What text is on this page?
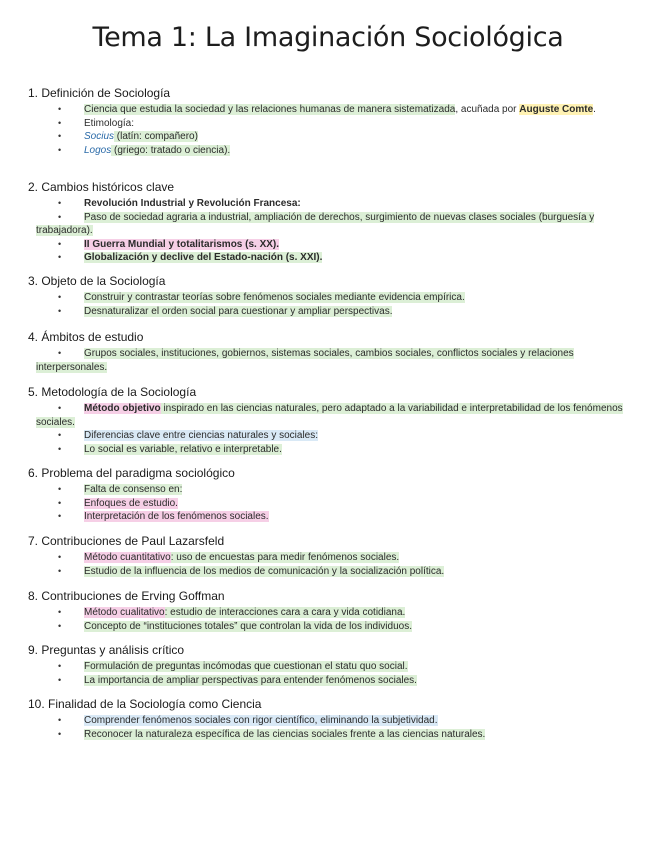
Tema 1: La Imaginación Sociológica
1. Definición de Sociología
• Ciencia que estudia la sociedad y las relaciones humanas de manera sistematizada, acuñada por Auguste Comte.
• Etimología:
• Socius (latín: compañero)
• Logos (griego: tratado o ciencia).
2. Cambios históricos clave
• Revolución Industrial y Revolución Francesa:
• Paso de sociedad agraria a industrial, ampliación de derechos, surgimiento de nuevas clases sociales (burguesía y trabajadora).
• II Guerra Mundial y totalitarismos (s. XX).
• Globalización y declive del Estado-nación (s. XXI).
3. Objeto de la Sociología
• Construir y contrastar teorías sobre fenómenos sociales mediante evidencia empírica.
• Desnaturalizar el orden social para cuestionar y ampliar perspectivas.
4. Ámbitos de estudio
• Grupos sociales, instituciones, gobiernos, sistemas sociales, cambios sociales, conflictos sociales y relaciones interpersonales.
5. Metodología de la Sociología
• Método objetivo inspirado en las ciencias naturales, pero adaptado a la variabilidad e interpretabilidad de los fenómenos sociales.
• Diferencias clave entre ciencias naturales y sociales:
• Lo social es variable, relativo e interpretable.
6. Problema del paradigma sociológico
• Falta de consenso en:
• Enfoques de estudio.
• Interpretación de los fenómenos sociales.
7. Contribuciones de Paul Lazarsfeld
• Método cuantitativo: uso de encuestas para medir fenómenos sociales.
• Estudio de la influencia de los medios de comunicación y la socialización política.
8. Contribuciones de Erving Goffman
• Método cualitativo: estudio de interacciones cara a cara y vida cotidiana.
• Concepto de “instituciones totales” que controlan la vida de los individuos.
9. Preguntas y análisis crítico
• Formulación de preguntas incómodas que cuestionan el statu quo social.
• La importancia de ampliar perspectivas para entender fenómenos sociales.
10. Finalidad de la Sociología como Ciencia
• Comprender fenómenos sociales con rigor científico, eliminando la subjetividad.
• Reconocer la naturaleza específica de las ciencias sociales frente a las ciencias naturales.
